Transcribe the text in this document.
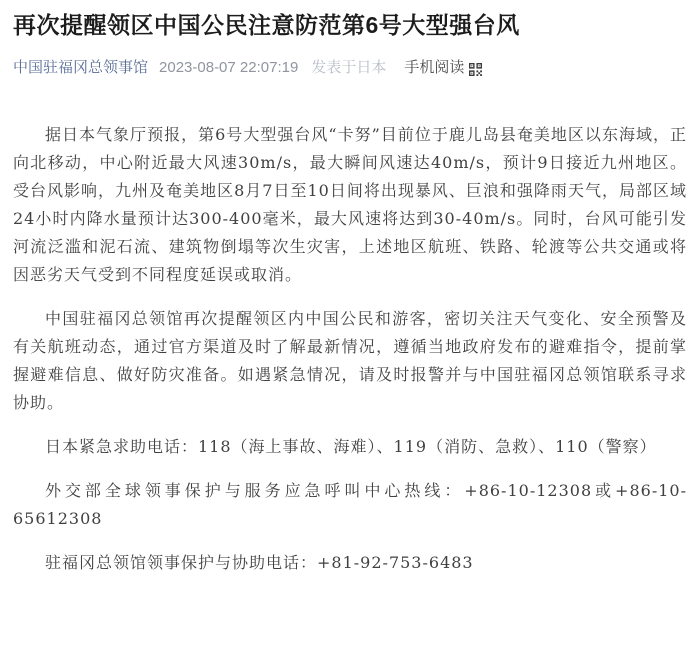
再次提醒领区中国公民注意防范第6号大型强台风
中国驻福冈总领事馆 2023-08-07 22:07:19 发表于日本 手机阅读

据日本气象厅预报，第6号大型强台风“卡努”目前位于鹿儿岛县奄美地区以东海域，正向北移动，中心附近最大风速30m/s，最大瞬间风速达40m/s，预计9日接近九州地区。受台风影响，九州及奄美地区8月7日至10日间将出现暴风、巨浪和强降雨天气，局部区域24小时内降水量预计达300-400毫米，最大风速将达到30-40m/s。同时，台风可能引发河流泛滥和泥石流、建筑物倒塌等次生灾害，上述地区航班、铁路、轮渡等公共交通或将因恶劣天气受到不同程度延误或取消。

中国驻福冈总领馆再次提醒领区内中国公民和游客，密切关注天气变化、安全预警及有关航班动态，通过官方渠道及时了解最新情况，遵循当地政府发布的避难指令，提前掌握避难信息、做好防灾准备。如遇紧急情况，请及时报警并与中国驻福冈总领馆联系寻求协助。

日本紧急求助电话：118（海上事故、海难）、119（消防、急救）、110（警察）

外交部全球领事保护与服务应急呼叫中心热线：+86-10-12308或+86-10-65612308

驻福冈总领馆领事保护与协助电话：+81-92-753-6483
